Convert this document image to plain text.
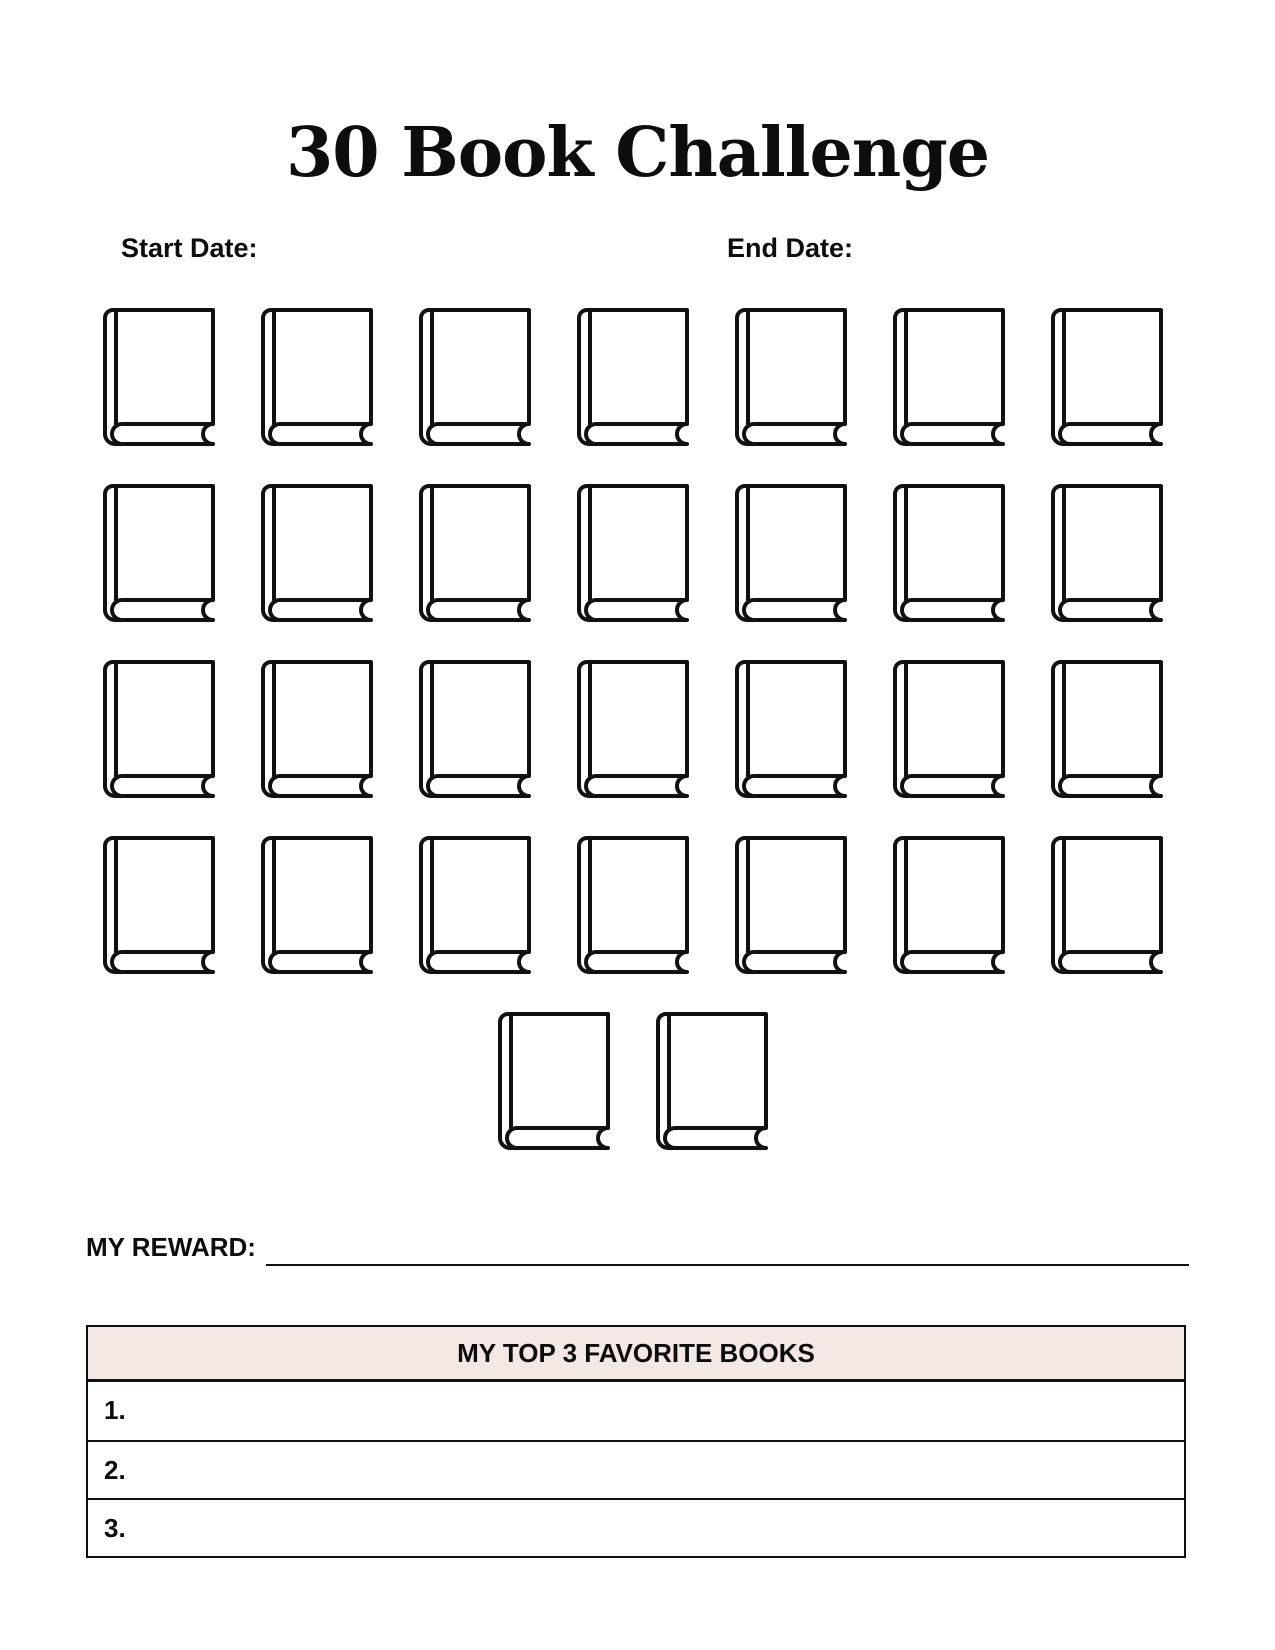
30 Book Challenge
Start Date:	End Date:
MY REWARD:
MY TOP 3 FAVORITE BOOKS
1.
2.
3.
